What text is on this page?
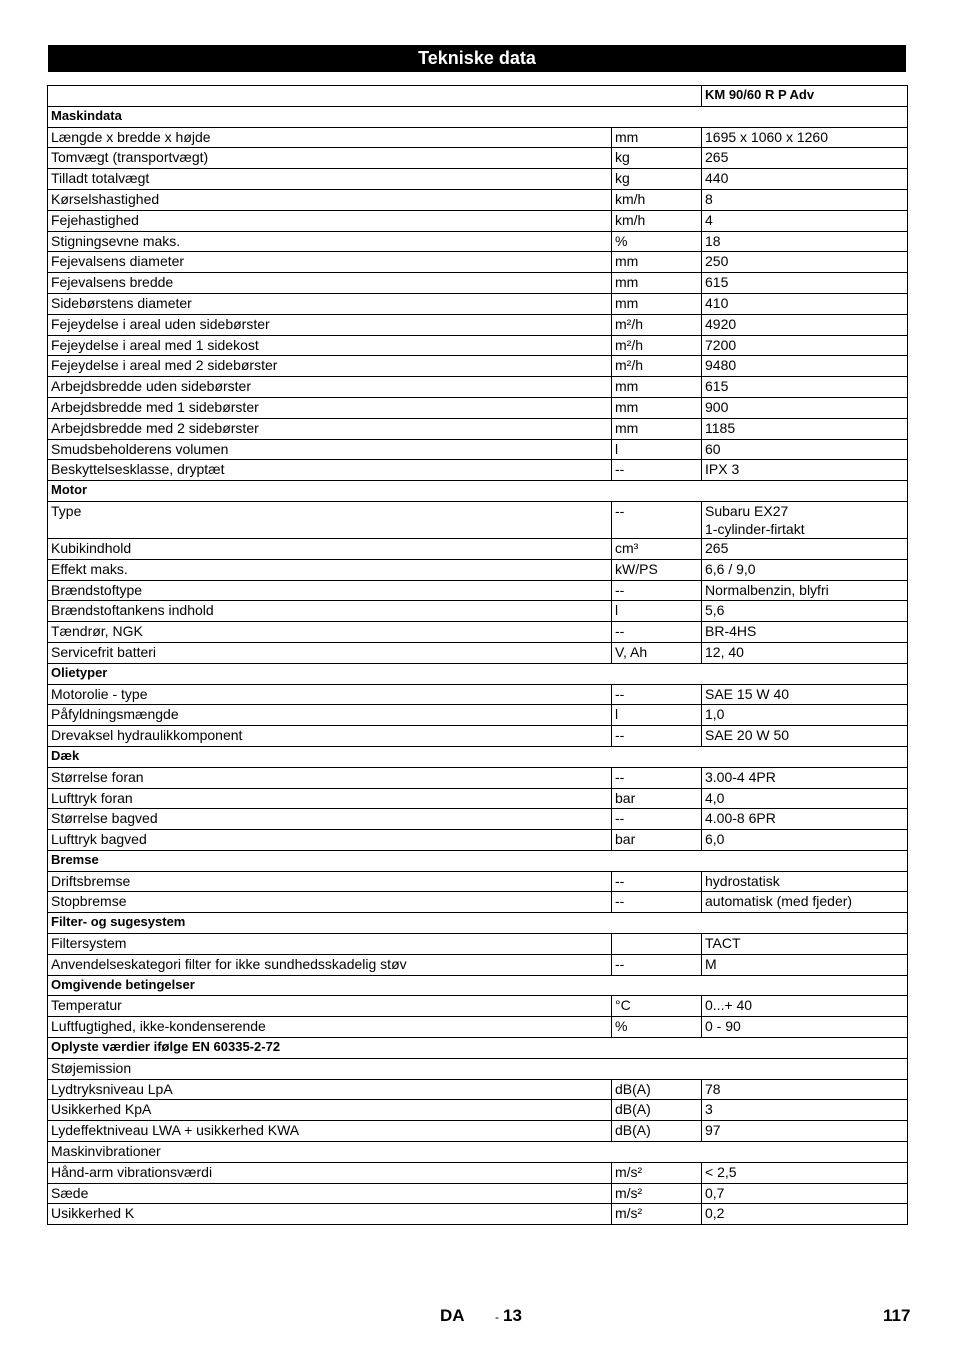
Tekniske data
		KM 90/60 R P Adv
Maskindata		
Længde x bredde x højde	mm	1695 x 1060 x 1260
Tomvægt (transportvægt)	kg	265
Tilladt totalvægt	kg	440
Kørselshastighed	km/h	8
Fejehastighed	km/h	4
Stigningsevne maks.	%	18
Fejevalsens diameter	mm	250
Fejevalsens bredde	mm	615
Sidebørstens diameter	mm	410
Fejeydelse i areal uden sidebørster	m²/h	4920
Fejeydelse i areal med 1 sidekost	m²/h	7200
Fejeydelse i areal med 2 sidebørster	m²/h	9480
Arbejdsbredde uden sidebørster	mm	615
Arbejdsbredde med 1 sidebørster	mm	900
Arbejdsbredde med 2 sidebørster	mm	1185
Smudsbeholderens volumen	l	60
Beskyttelsesklasse, dryptæt	--	IPX 3
Motor		
Type	--	Subaru EX27
1-cylinder-firtakt
Kubikindhold	cm³	265
Effekt maks.	kW/PS	6,6 / 9,0
Brændstoftype	--	Normalbenzin, blyfri
Brændstoftankens indhold	l	5,6
Tændrør, NGK	--	BR-4HS
Servicefrit batteri	V, Ah	12, 40
Olietyper		
Motorolie - type	--	SAE 15 W 40
Påfyldningsmængde	l	1,0
Drevaksel hydraulikkomponent	--	SAE 20 W 50
Dæk		
Størrelse foran	--	3.00-4 4PR
Lufttryk foran	bar	4,0
Størrelse bagved	--	4.00-8 6PR
Lufttryk bagved	bar	6,0
Bremse		
Driftsbremse	--	hydrostatisk
Stopbremse	--	automatisk (med fjeder)
Filter- og sugesystem		
Filtersystem		TACT
Anvendelseskategori filter for ikke sundhedsskadelig støv	--	M
Omgivende betingelser		
Temperatur	°C	0...+ 40
Luftfugtighed, ikke-kondenserende	%	0 - 90
Oplyste værdier ifølge EN 60335-2-72		
Støjemission		
Lydtryksniveau LpA	dB(A)	78
Usikkerhed KpA	dB(A)	3
Lydeffektniveau LWA + usikkerhed KWA	dB(A)	97
Maskinvibrationer		
Hånd-arm vibrationsværdi	m/s²	< 2,5
Sæde	m/s²	0,7
Usikkerhed K	m/s²	0,2
DA	- 13	117
